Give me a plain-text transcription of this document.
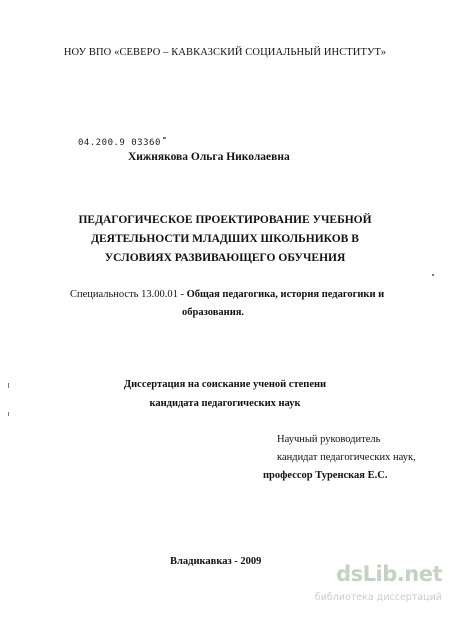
НОУ ВПО «СЕВЕРО – КАВКАЗСКИЙ СОЦИАЛЬНЫЙ ИНСТИТУТ»
04.200.9 03360
Хижнякова Ольга Николаевна
ПЕДАГОГИЧЕСКОЕ ПРОЕКТИРОВАНИЕ УЧЕБНОЙ
ДЕЯТЕЛЬНОСТИ МЛАДШИХ ШКОЛЬНИКОВ В
УСЛОВИЯХ РАЗВИВАЮЩЕГО ОБУЧЕНИЯ
Специальность 13.00.01 - Общая педагогика, история педагогики и
образования.
Диссертация на соискание ученой степени
кандидата педагогических наук
Научный руководитель
кандидат педагогических наук,
профессор Туренская Е.С.
Владикавказ - 2009
dsLib.net
библиотека диссертаций
